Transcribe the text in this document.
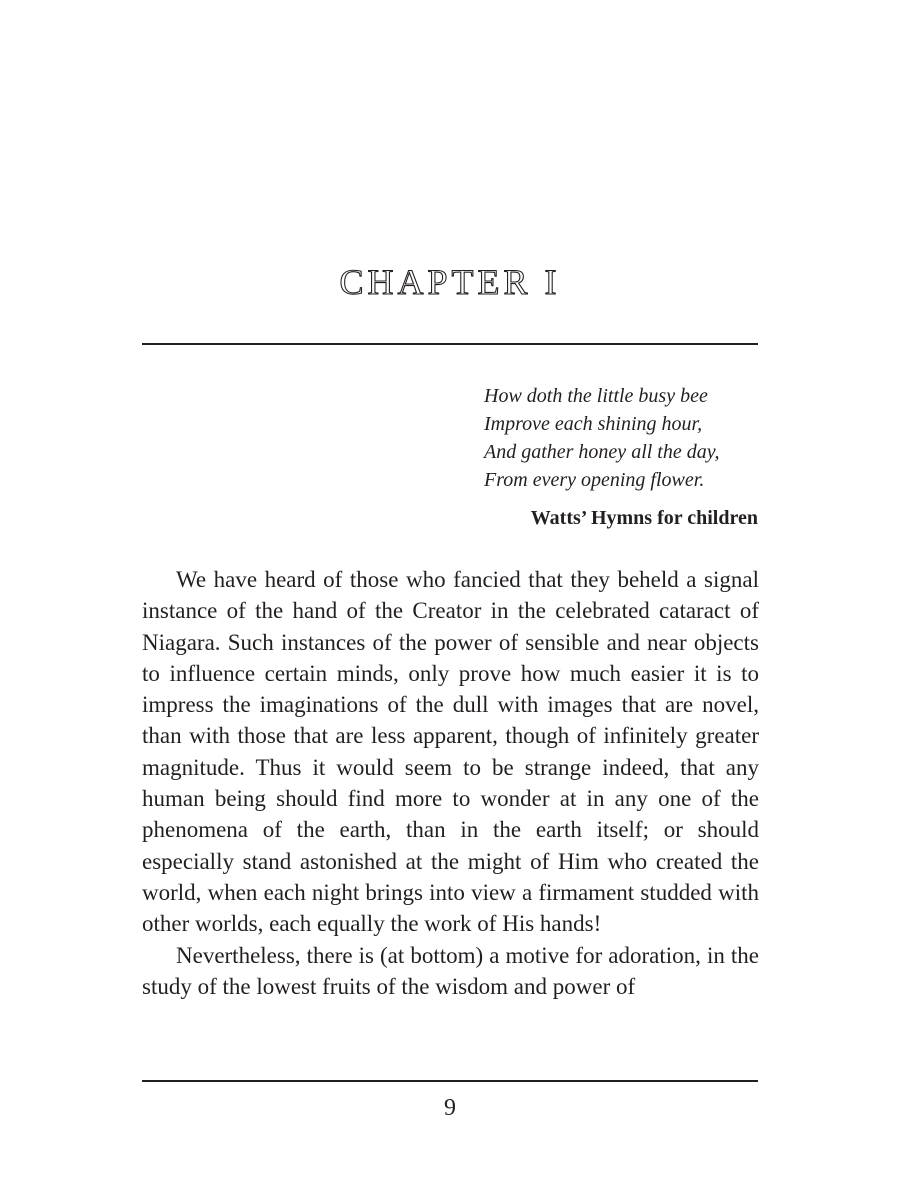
CHAPTER I
How doth the little busy bee
Improve each shining hour,
And gather honey all the day,
From every opening flower.

Watts’ Hymns for children

We have heard of those who fancied that they beheld a signal instance of the hand of the Creator in the celebrated cataract of Niagara. Such instances of the power of sensible and near objects to influence certain minds, only prove how much easier it is to impress the imaginations of the dull with images that are novel, than with those that are less apparent, though of infinitely greater magnitude. Thus it would seem to be strange indeed, that any human being should find more to wonder at in any one of the phenomena of the earth, than in the earth itself; or should especially stand astonished at the might of Him who created the world, when each night brings into view a firmament studded with other worlds, each equally the work of His hands!

Nevertheless, there is (at bottom) a motive for adoration, in the study of the lowest fruits of the wisdom and power of

9
